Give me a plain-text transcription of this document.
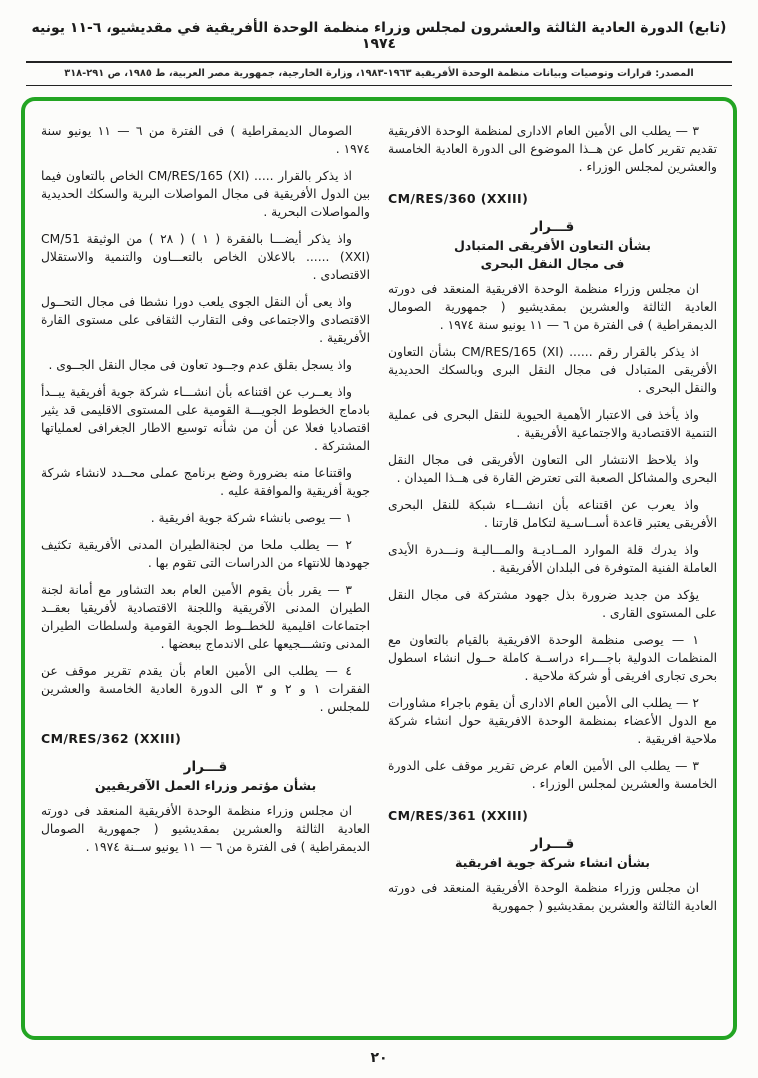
(تابع) الدورة العادية الثالثة والعشرون لمجلس وزراء منظمة الوحدة الأفريقية في مقديشيو، ٦-١١ يونيه ١٩٧٤
المصدر: قرارات وتوصيات وبيانات منظمة الوحدة الأفريقية ١٩٦٣-١٩٨٣، وزارة الخارجية، جمهورية مصر العربية، ط ١٩٨٥، ص ٢٩١-٣١٨

٣ — يطلب الى الأمين العام الادارى لمنظمة الوحدة الافريقية تقديم تقرير كامل عن هــذا الموضوع الى الدورة العادية الخامسة والعشرين لمجلس الوزراء .

CM/RES/360 (XXIII)

قـــرار

بشأن التعاون الأفريقى المتبادل

فى مجال النقل البحرى

ان مجلس وزراء منظمة الوحدة الافريقية المنعقد فى دورته العادية الثالثة والعشرين بمقديشيو ( جمهورية الصومال الديمقراطية ) فى الفترة من ٦ — ١١ يونيو سنة ١٩٧٤ .

اذ يذكر بالقرار رقم ...... ‎CM/RES/165 (XI)‎ بشأن التعاون الأفريقى المتبادل فى مجال النقل البرى وبالسكك الحديدية والنقل البحرى .

واذ يأخذ فى الاعتبار الأهمية الحيوية للنقل البحرى فى عملية التنمية الاقتصادية والاجتماعية الأفريقية .

واذ يلاحظ الانتشار الى التعاون الأفريقى فى مجال النقل البحرى والمشاكل الصعبة التى تعترض القارة فى هــذا الميدان .

واذ يعرب عن اقتناعه بأن انشـــاء شبكة للنقل البحرى الأفريقى يعتبر قاعدة أســاسـية لتكامل قارتنا .

واذ يدرك قلة الموارد المــاديـة والمـــاليـة ونـــدرة الأيدى العاملة الفنية المتوفرة فى البلدان الأفريقية .

يؤكد من جديد ضرورة بذل جهود مشتركة فى مجال النقل على المستوى القارى .

١ — يوصى منظمة الوحدة الافريقية بالقيام بالتعاون مع المنظمات الدولية باجـــراء دراســة كاملة حــول انشاء اسطول بحرى تجارى افريقى أو شركة ملاحية .

٢ — يطلب الى الأمين العام الادارى أن يقوم باجراء مشاورات مع الدول الأعضاء بمنظمة الوحدة الافريقية حول انشاء شركة ملاحية افريقية .

٣ — يطلب الى الأمين العام عرض تقرير موقف على الدورة الخامسة والعشرين لمجلس الوزراء .

CM/RES/361 (XXIII)

قـــرار

بشأن انشاء شركة جوية افريقية

ان مجلس وزراء منظمة الوحدة الأفريقية المنعقد فى دورته العادية الثالثة والعشرين بمقديشيو ( جمهورية

الصومال الديمقراطية ) فى الفترة من ٦ — ١١ يونيو سنة ١٩٧٤ .

اذ يذكر بالقرار ..... ‎CM/RES/165 (XI)‎ الخاص بالتعاون فيما بين الدول الأفريقية فى مجال المواصلات البرية والسكك الحديدية والمواصلات البحرية .

واذ يذكر أيضـــا بالفقرة ( ١ ) ( ٢٨ ) من الوثيقة ‎CM/51 (XXI)‎ ...... بالاعلان الخاص بالتعـــاون والتنمية والاستقلال الاقتصادى .

واذ يعى أن النقل الجوى يلعب دورا نشطا فى مجال التحــول الاقتصادى والاجتماعى وفى التقارب الثقافى على مستوى القارة الأفريقية .

واذ يسجل بقلق عدم وجــود تعاون فى مجال النقل الجــوى .

واذ يعــرب عن اقتناعه بأن انشـــاء شركة جوية أفريقية يبــدأ بادماج الخطوط الجويـــة القومية على المستوى الاقليمى قد يثير اقتصاديا فعلا عن أن من شأنه توسيع الاطار الجغرافى لعملياتها المشتركة .

واقتناعا منه بضرورة وضع برنامج عملى محــدد لانشاء شركة جوية أفريقية والموافقة عليه .

١ — يوصى بانشاء شركة جوية افريقية .

٢ — يطلب ملحا من لجنةالطيران المدنى الأفريقية تكثيف جهودها للانتهاء من الدراسات التى تقوم بها .

٣ — يقرر بأن يقوم الأمين العام بعد التشاور مع أمانة لجنة الطيران المدنى الآفريقية واللجنة الاقتصادية لأفريقيا بعقــد اجتماعات اقليمية للخطــوط الجوية القومية ولسلطات الطيران المدنى وتشـــجيعها على الاندماج ببعضها .

٤ — يطلب الى الأمين العام بأن يقدم تقرير موقف عن الفقرات ١ و ٢ و ٣ الى الدورة العادية الخامسة والعشرين للمجلس .

CM/RES/362 (XXIII)

قـــرار

بشأن مؤتمر وزراء العمل الآفريقيين

ان مجلس وزراء منظمة الوحدة الأفريقية المنعقد فى دورته العادية الثالثة والعشرين بمقديشيو ( جمهورية الصومال الديمقراطية ) فى الفترة من ٦ — ١١ يونيو ســنة ١٩٧٤ .

٢٠
